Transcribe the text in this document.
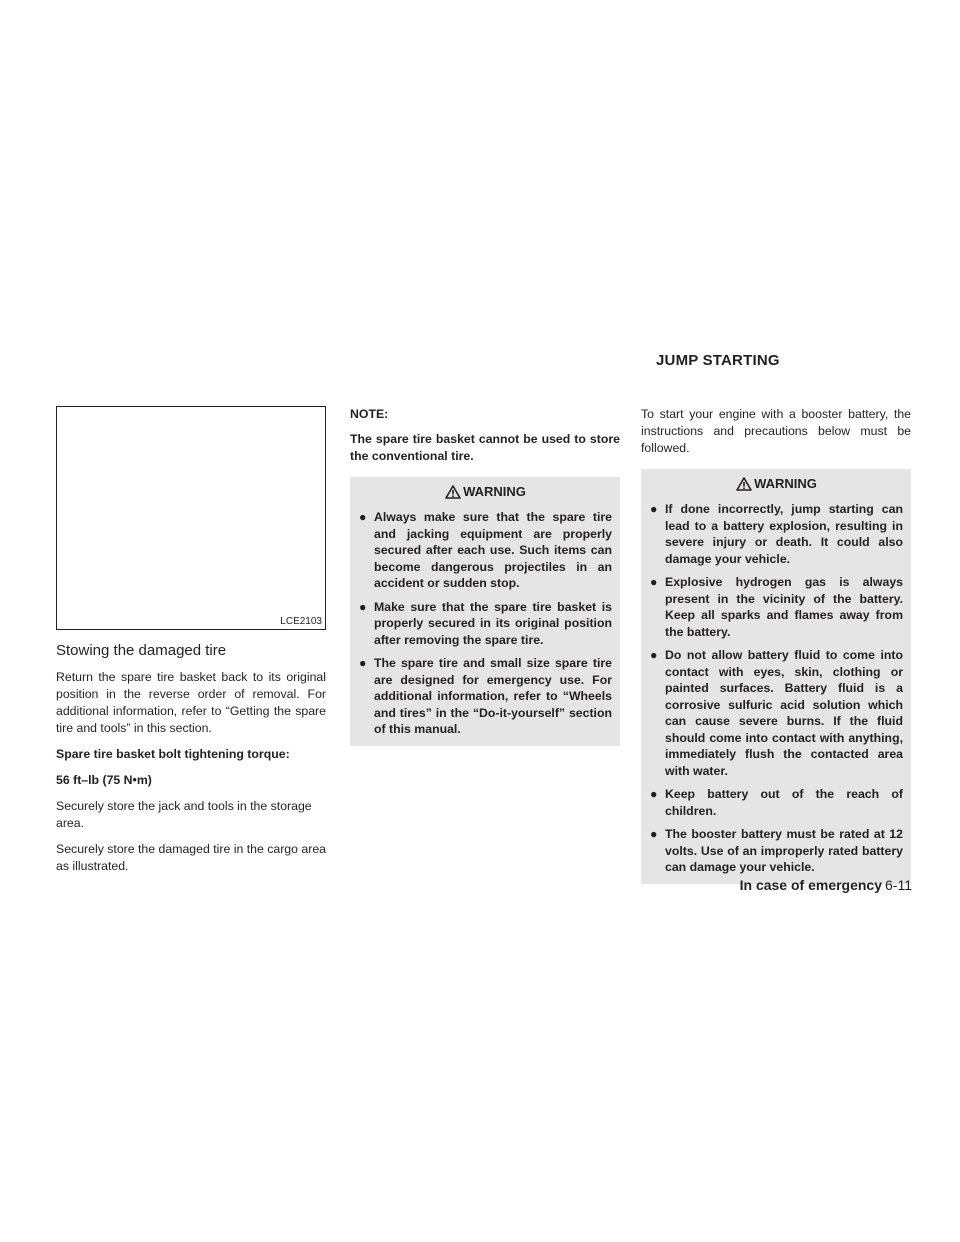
JUMP STARTING
LCE2103
Stowing the damaged tire

Return the spare tire basket back to its original position in the reverse order of removal. For additional information, refer to “Getting the spare tire and tools” in this section.

Spare tire basket bolt tightening torque:

56 ft–lb (75 N•m)

Securely store the jack and tools in the storage area.

Securely store the damaged tire in the cargo area as illustrated.

NOTE:

The spare tire basket cannot be used to store the conventional tire.

WARNING
● Always make sure that the spare tire and jacking equipment are properly secured after each use. Such items can become dangerous projectiles in an accident or sudden stop.
● Make sure that the spare tire basket is properly secured in its original position after removing the spare tire.
● The spare tire and small size spare tire are designed for emergency use. For additional information, refer to “Wheels and tires” in the “Do-it-yourself” section of this manual.

To start your engine with a booster battery, the instructions and precautions below must be followed.

WARNING
● If done incorrectly, jump starting can lead to a battery explosion, resulting in severe injury or death. It could also damage your vehicle.
● Explosive hydrogen gas is always present in the vicinity of the battery. Keep all sparks and flames away from the battery.
● Do not allow battery fluid to come into contact with eyes, skin, clothing or painted surfaces. Battery fluid is a corrosive sulfuric acid solution which can cause severe burns. If the fluid should come into contact with anything, immediately flush the contacted area with water.
● Keep battery out of the reach of children.
● The booster battery must be rated at 12 volts. Use of an improperly rated battery can damage your vehicle.
In case of emergency 6-11
